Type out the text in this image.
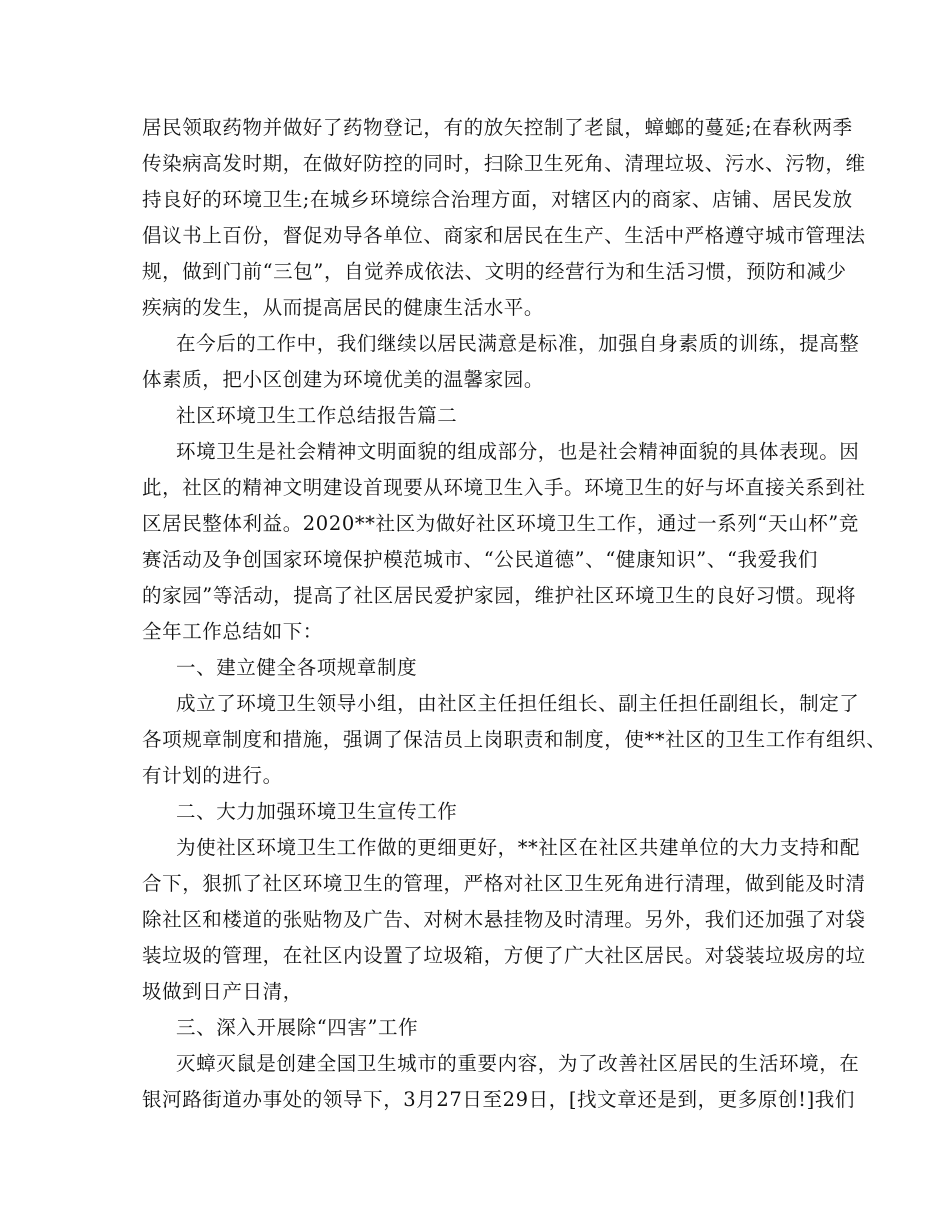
居民领取药物并做好了药物登记，有的放矢控制了老鼠，蟑螂的蔓延;在春秋两季
传染病高发时期，在做好防控的同时，扫除卫生死角、清理垃圾、污水、污物，维
持良好的环境卫生;在城乡环境综合治理方面，对辖区内的商家、店铺、居民发放
倡议书上百份，督促劝导各单位、商家和居民在生产、生活中严格遵守城市管理法
规，做到门前“三包”，自觉养成依法、文明的经营行为和生活习惯，预防和减少
疾病的发生，从而提高居民的健康生活水平。
在今后的工作中，我们继续以居民满意是标准，加强自身素质的训练，提高整
体素质，把小区创建为环境优美的温馨家园。
社区环境卫生工作总结报告篇二
环境卫生是社会精神文明面貌的组成部分，也是社会精神面貌的具体表现。因
此，社区的精神文明建设首现要从环境卫生入手。环境卫生的好与坏直接关系到社
区居民整体利益。2020**社区为做好社区环境卫生工作，通过一系列“天山杯”竞
赛活动及争创国家环境保护模范城市、“公民道德”、“健康知识”、“我爱我们
的家园”等活动，提高了社区居民爱护家园，维护社区环境卫生的良好习惯。现将
全年工作总结如下：
一、建立健全各项规章制度
成立了环境卫生领导小组，由社区主任担任组长、副主任担任副组长，制定了
各项规章制度和措施，强调了保洁员上岗职责和制度，使**社区的卫生工作有组织、
有计划的进行。
二、大力加强环境卫生宣传工作
为使社区环境卫生工作做的更细更好，**社区在社区共建单位的大力支持和配
合下，狠抓了社区环境卫生的管理，严格对社区卫生死角进行清理，做到能及时清
除社区和楼道的张贴物及广告、对树木悬挂物及时清理。另外，我们还加强了对袋
装垃圾的管理，在社区内设置了垃圾箱，方便了广大社区居民。对袋装垃圾房的垃
圾做到日产日清，
三、深入开展除“四害”工作
灭蟑灭鼠是创建全国卫生城市的重要内容，为了改善社区居民的生活环境，在
银河路街道办事处的领导下，3月27日至29日，[找文章还是到，更多原创!]我们
